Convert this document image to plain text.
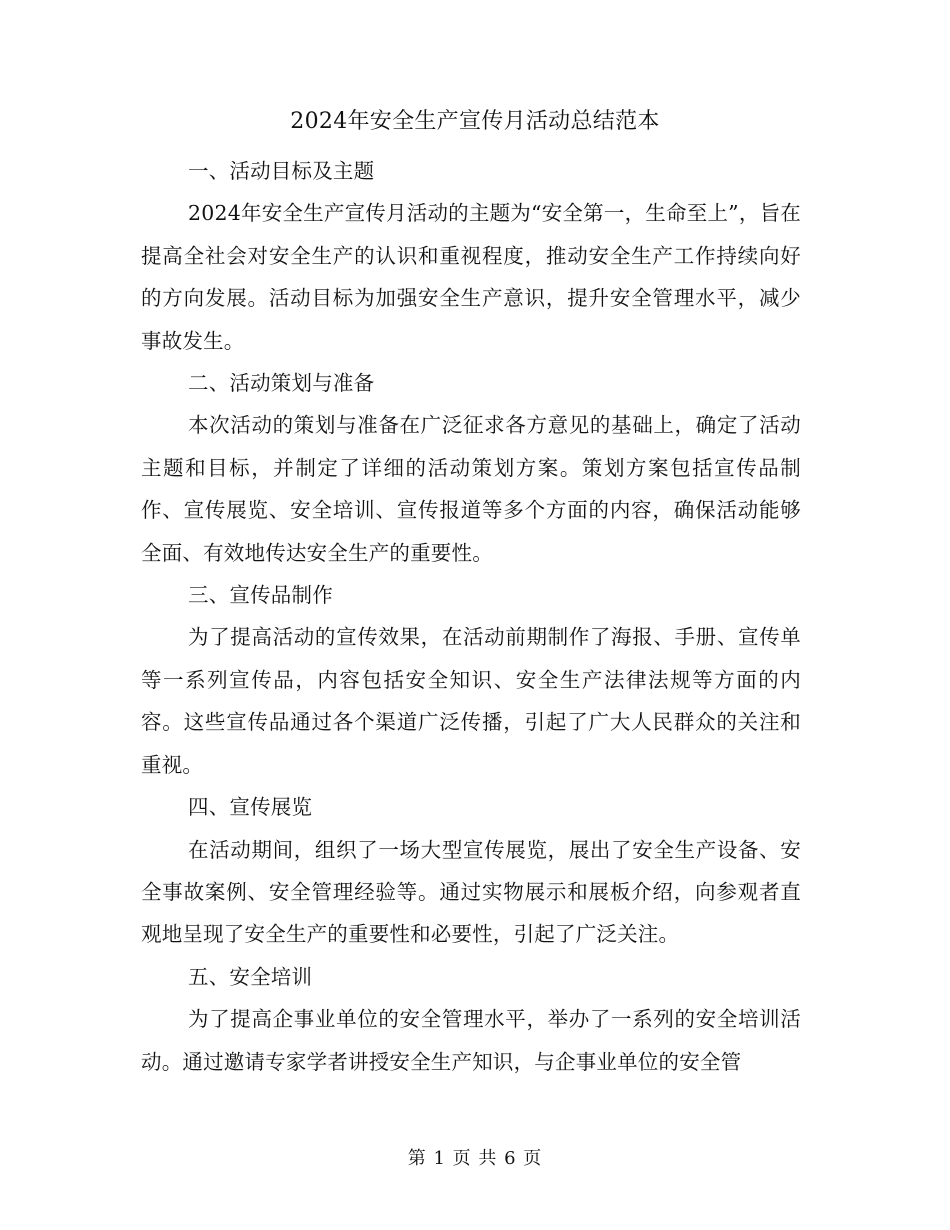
2024年安全生产宣传月活动总结范本

一、活动目标及主题

2024年安全生产宣传月活动的主题为“安全第一，生命至上”，旨在提高全社会对安全生产的认识和重视程度，推动安全生产工作持续向好的方向发展。活动目标为加强安全生产意识，提升安全管理水平，减少事故发生。

二、活动策划与准备

本次活动的策划与准备在广泛征求各方意见的基础上，确定了活动主题和目标，并制定了详细的活动策划方案。策划方案包括宣传品制作、宣传展览、安全培训、宣传报道等多个方面的内容，确保活动能够全面、有效地传达安全生产的重要性。

三、宣传品制作

为了提高活动的宣传效果，在活动前期制作了海报、手册、宣传单等一系列宣传品，内容包括安全知识、安全生产法律法规等方面的内容。这些宣传品通过各个渠道广泛传播，引起了广大人民群众的关注和重视。

四、宣传展览

在活动期间，组织了一场大型宣传展览，展出了安全生产设备、安全事故案例、安全管理经验等。通过实物展示和展板介绍，向参观者直观地呈现了安全生产的重要性和必要性，引起了广泛关注。

五、安全培训

为了提高企事业单位的安全管理水平，举办了一系列的安全培训活动。通过邀请专家学者讲授安全生产知识，与企事业单位的安全管

第 1 页 共 6 页
